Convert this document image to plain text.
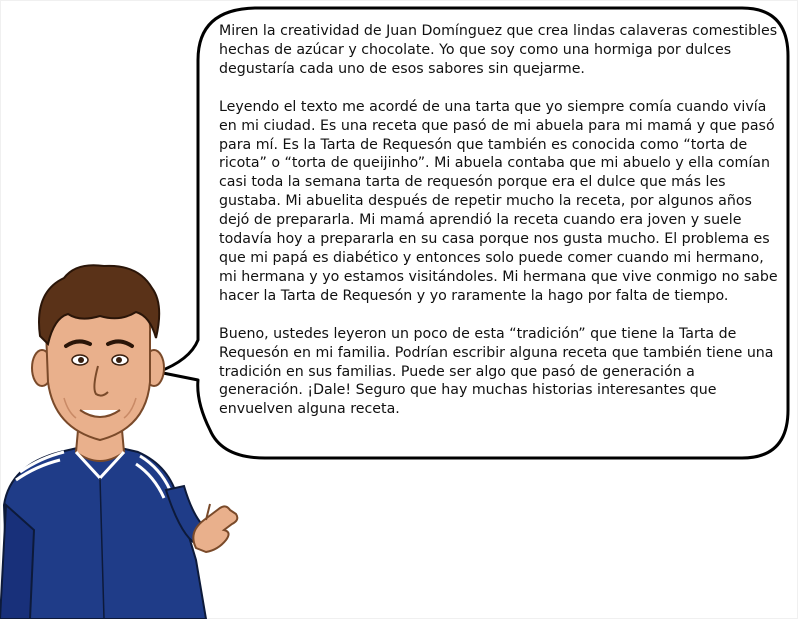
Miren la creatividad de Juan Domínguez que crea lindas calaveras comestibles hechas de azúcar y chocolate. Yo que soy como una hormiga por dulces degustaría cada uno de esos sabores sin quejarme.

Leyendo el texto me acordé de una tarta que yo siempre comía cuando vivía en mi ciudad. Es una receta que pasó de mi abuela para mi mamá y que pasó para mí. Es la Tarta de Requesón que también es conocida como “torta de ricota” o “torta de queijinho”. Mi abuela contaba que mi abuelo y ella comían casi toda la semana tarta de requesón porque era el dulce que más les gustaba. Mi abuelita después de repetir mucho la receta, por algunos años dejó de prepararla. Mi mamá aprendió la receta cuando era joven y suele todavía hoy a prepararla en su casa porque nos gusta mucho. El problema es que mi papá es diabético y entonces solo puede comer cuando mi hermano, mi hermana y yo estamos visitándoles. Mi hermana que vive conmigo no sabe hacer la Tarta de Requesón y yo raramente la hago por falta de tiempo.

Bueno, ustedes leyeron un poco de esta “tradición” que tiene la Tarta de Requesón en mi familia. Podrían escribir alguna receta que también tiene una tradición en sus familias. Puede ser algo que pasó de generación a generación. ¡Dale! Seguro que hay muchas historias interesantes que envuelven alguna receta.
